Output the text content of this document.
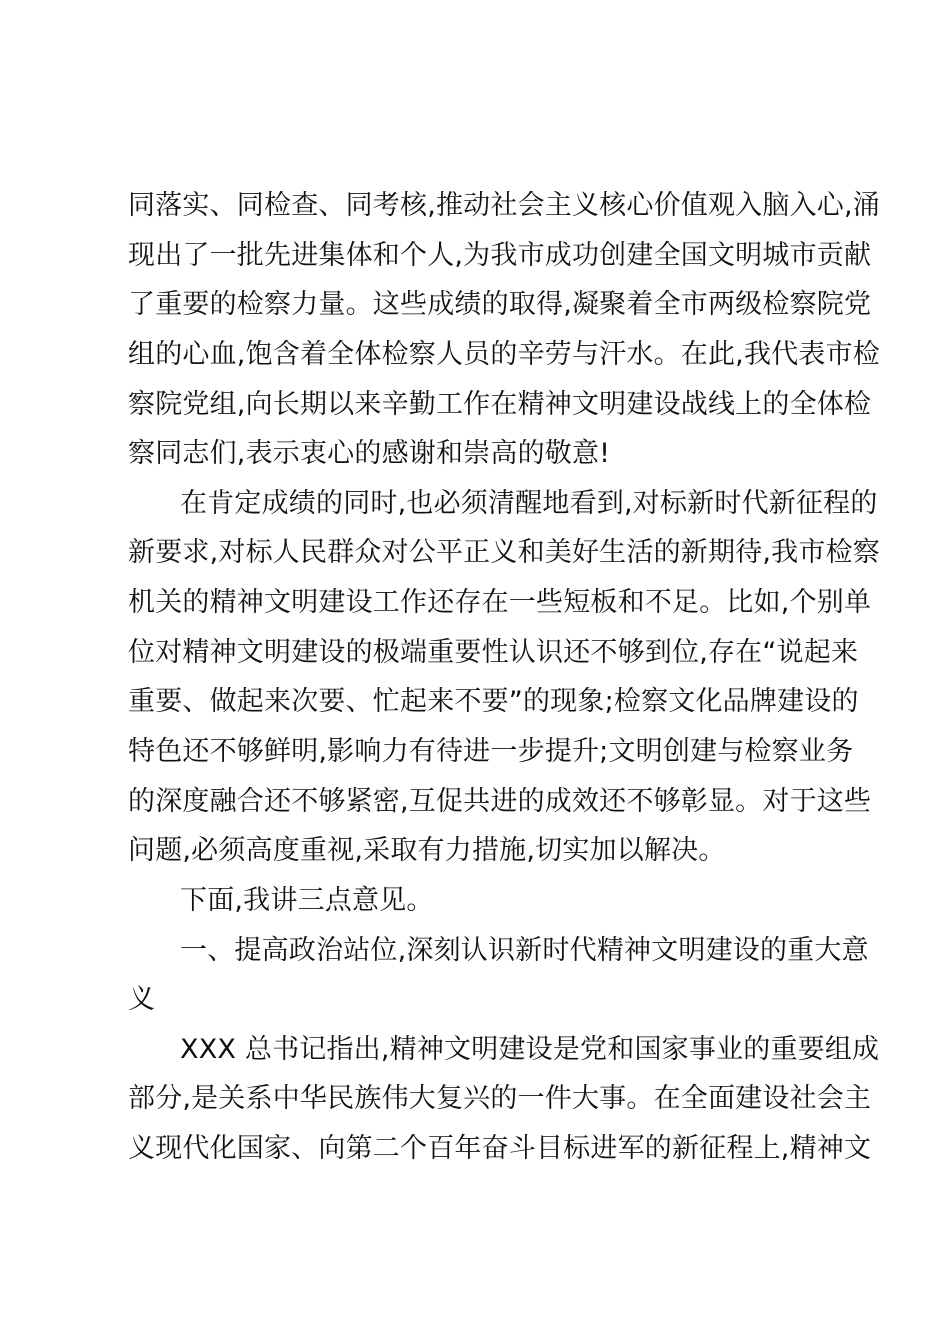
同落实、同检查、同考核,推动社会主义核心价值观入脑入心,涌
现出了一批先进集体和个人,为我市成功创建全国文明城市贡献
了重要的检察力量。这些成绩的取得,凝聚着全市两级检察院党
组的心血,饱含着全体检察人员的辛劳与汗水。在此,我代表市检
察院党组,向长期以来辛勤工作在精神文明建设战线上的全体检
察同志们,表示衷心的感谢和崇高的敬意!
在肯定成绩的同时,也必须清醒地看到,对标新时代新征程的
新要求,对标人民群众对公平正义和美好生活的新期待,我市检察
机关的精神文明建设工作还存在一些短板和不足。比如,个别单
位对精神文明建设的极端重要性认识还不够到位,存在“说起来
重要、做起来次要、忙起来不要”的现象;检察文化品牌建设的
特色还不够鲜明,影响力有待进一步提升;文明创建与检察业务
的深度融合还不够紧密,互促共进的成效还不够彰显。对于这些
问题,必须高度重视,采取有力措施,切实加以解决。
下面,我讲三点意见。
一、提高政治站位,深刻认识新时代精神文明建设的重大意
义
XXX 总书记指出,精神文明建设是党和国家事业的重要组成
部分,是关系中华民族伟大复兴的一件大事。在全面建设社会主
义现代化国家、向第二个百年奋斗目标进军的新征程上,精神文
